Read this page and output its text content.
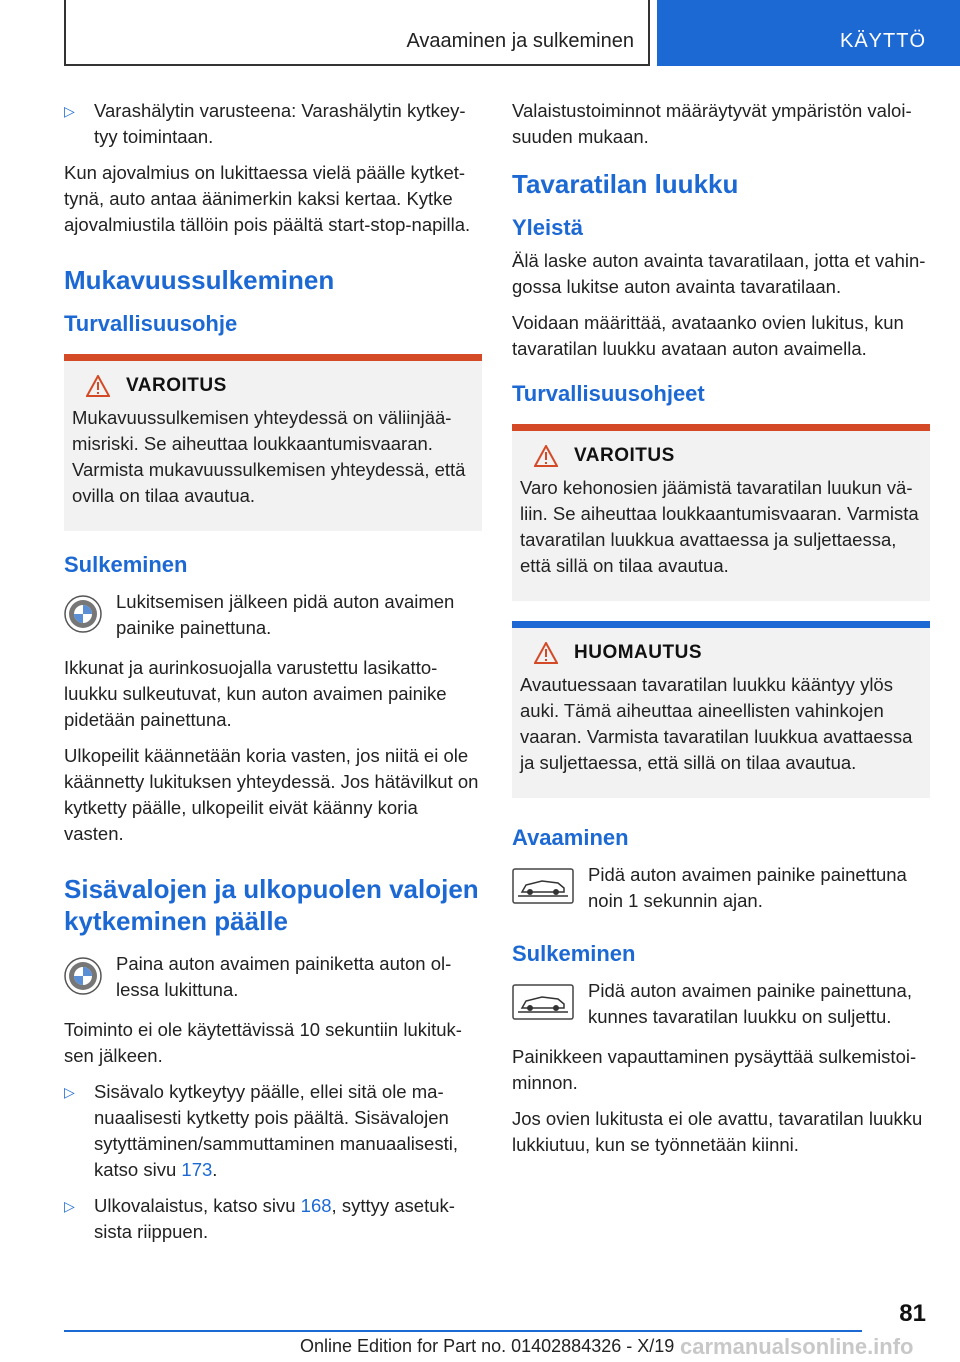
Avaaminen ja sulkeminen	KÄYTTÖ
▷ Varashälytin varusteena: Varashälytin kytkeytyy toimintaan.

Kun ajovalmius on lukittaessa vielä päälle kytkettynä, auto antaa äänimerkin kaksi kertaa. Kytke ajovalmiustila tällöin pois päältä start-stop-napilla.

Mukavuussulkeminen
Turvallisuusohje
VAROITUS
Mukavuussulkemisen yhteydessä on väliinjäämisriski. Se aiheuttaa loukkaantumisvaaran. Varmista mukavuussulkemisen yhteydessä, että ovilla on tilaa avautua.
Sulkeminen
Lukitsemisen jälkeen pidä auton avaimen painike painettuna.

Ikkunat ja aurinkosuojalla varustettu lasikattoluukku sulkeutuvat, kun auton avaimen painike pidetään painettuna.

Ulkopeilit käännetään koria vasten, jos niitä ei ole käännetty lukituksen yhteydessä. Jos hätävilkut on kytketty päälle, ulkopeilit eivät käänny koria vasten.

Sisävalojen ja ulkopuolen valojen kytkeminen päälle
Paina auton avaimen painiketta auton ollessa lukittuna.

Toiminto ei ole käytettävissä 10 sekuntiin lukituksen jälkeen.

▷ Sisävalo kytkeytyy päälle, ellei sitä ole manuaalisesti kytketty pois päältä. Sisävalojen sytyttäminen/sammuttaminen manuaalisesti, katso sivu 173.
▷ Ulkovalaistus, katso sivu 168, syttyy asetuksista riippuen.

Valaistustoiminnot määräytyvät ympäristön valoisuuden mukaan.

Tavaratilan luukku
Yleistä

Älä laske auton avainta tavaratilaan, jotta et vahingossa lukitse auton avainta tavaratilaan.

Voidaan määrittää, avataanko ovien lukitus, kun tavaratilan luukku avataan auton avaimella.

Turvallisuusohjeet
VAROITUS
Varo kehonosien jäämistä tavaratilan luukun väliin. Se aiheuttaa loukkaantumisvaaran. Varmista tavaratilan luukkua avattaessa ja suljettaessa, että sillä on tilaa avautua.
HUOMAUTUS
Avautuessaan tavaratilan luukku kääntyy ylös auki. Tämä aiheuttaa aineellisten vahinkojen vaaran. Varmista tavaratilan luukkua avattaessa ja suljettaessa, että sillä on tilaa avautua.
Avaaminen
Pidä auton avaimen painike painettuna noin 1 sekunnin ajan.
Sulkeminen
Pidä auton avaimen painike painettuna, kunnes tavaratilan luukku on suljettu.

Painikkeen vapauttaminen pysäyttää sulkemistoiminnon.

Jos ovien lukitusta ei ole avattu, tavaratilan luukku lukkiutuu, kun se työnnetään kiinni.

81
Online Edition for Part no. 01402884326 - X/19 carmanualsonline.info
